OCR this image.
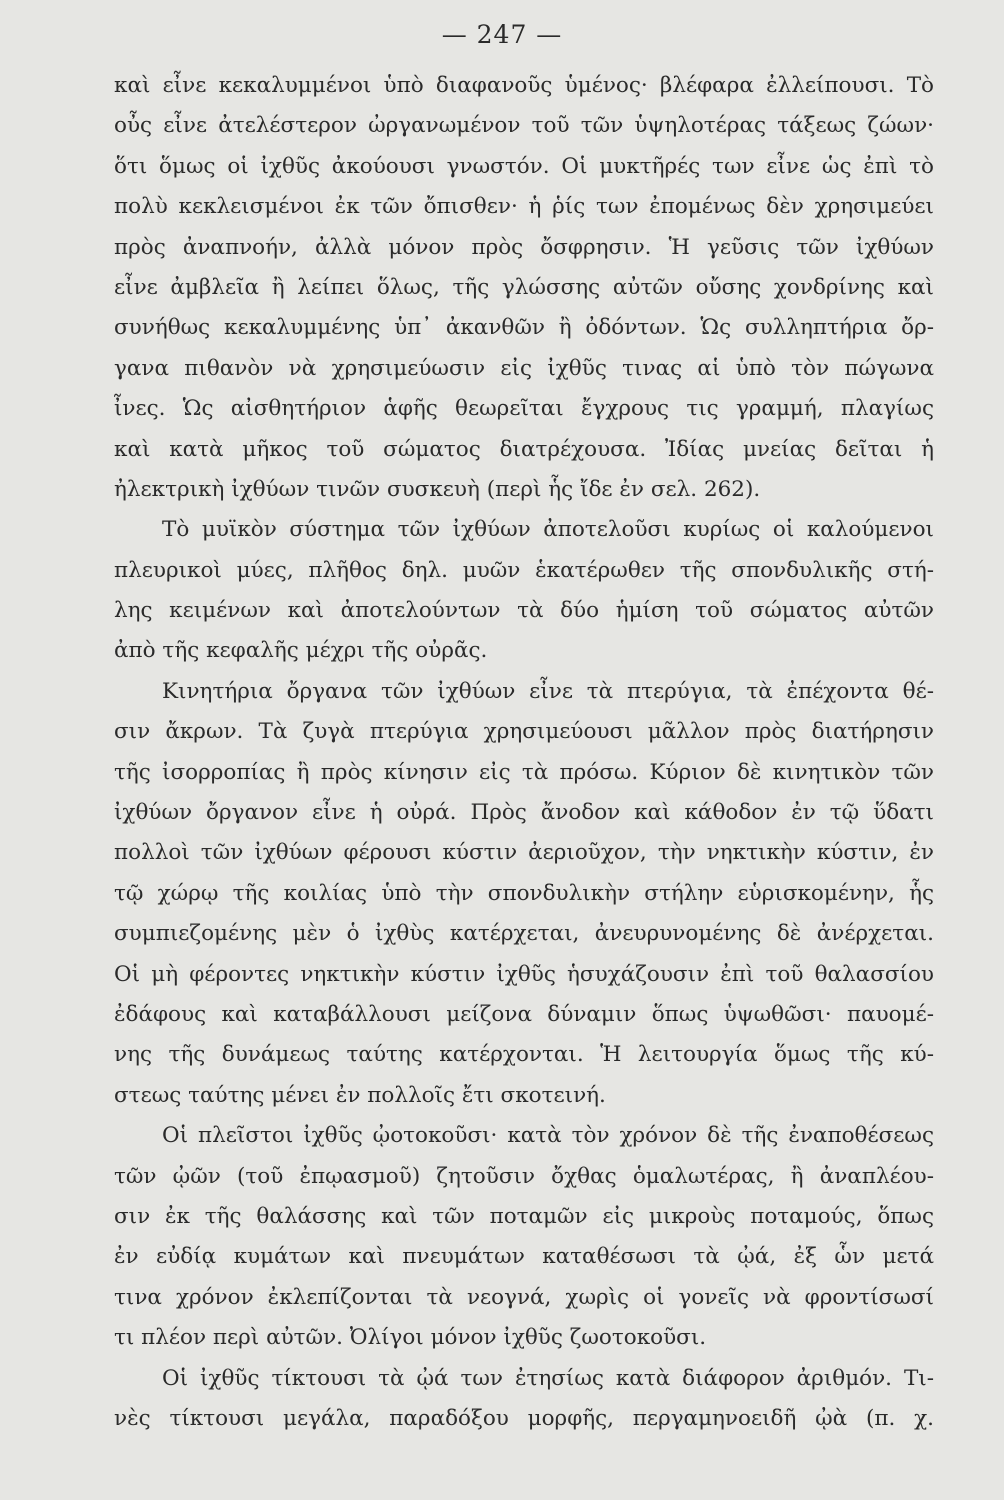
— 247 —
καὶ εἶνε κεκαλυμμένοι ὑπὸ διαφανοῦς ὑμένος· βλέφαρα ἐλλείπουσι. Τὸ
οὖς εἶνε ἀτελέστερον ὠργανωμένον τοῦ τῶν ὑψηλοτέρας τάξεως ζώων·
ὅτι ὅμως οἱ ἰχθῦς ἀκούουσι γνωστόν. Οἱ μυκτῆρές των εἶνε ὡς ἐπὶ τὸ
πολὺ κεκλεισμένοι ἐκ τῶν ὄπισθεν· ἡ ῥίς των ἐπομένως δὲν χρησιμεύει
πρὸς ἀναπνοήν, ἀλλὰ μόνον πρὸς ὄσφρησιν. Ἡ γεῦσις τῶν ἰχθύων
εἶνε ἀμβλεῖα ἢ λείπει ὅλως, τῆς γλώσσης αὐτῶν οὔσης χονδρίνης καὶ
συνήθως κεκαλυμμένης ὑπ᾽ ἀκανθῶν ἢ ὀδόντων. Ὡς συλληπτήρια ὄρ-
γανα πιθανὸν νὰ χρησιμεύωσιν εἰς ἰχθῦς τινας αἱ ὑπὸ τὸν πώγωνα
ἶνες. Ὡς αἰσθητήριον ἁφῆς θεωρεῖται ἔγχρους τις γραμμή, πλαγίως
καὶ κατὰ μῆκος τοῦ σώματος διατρέχουσα. Ἰδίας μνείας δεῖται ἡ
ἠλεκτρικὴ ἰχθύων τινῶν συσκευὴ (περὶ ἧς ἴδε ἐν σελ. 262).
Τὸ μυϊκὸν σύστημα τῶν ἰχθύων ἀποτελοῦσι κυρίως οἱ καλούμενοι
πλευρικοὶ μύες, πλῆθος δηλ. μυῶν ἑκατέρωθεν τῆς σπονδυλικῆς στή-
λης κειμένων καὶ ἀποτελούντων τὰ δύο ἡμίση τοῦ σώματος αὐτῶν
ἀπὸ τῆς κεφαλῆς μέχρι τῆς οὐρᾶς.
Κινητήρια ὄργανα τῶν ἰχθύων εἶνε τὰ πτερύγια, τὰ ἐπέχοντα θέ-
σιν ἄκρων. Τὰ ζυγὰ πτερύγια χρησιμεύουσι μᾶλλον πρὸς διατήρησιν
τῆς ἰσορροπίας ἢ πρὸς κίνησιν εἰς τὰ πρόσω. Κύριον δὲ κινητικὸν τῶν
ἰχθύων ὄργανον εἶνε ἡ οὐρά. Πρὸς ἄνοδον καὶ κάθοδον ἐν τῷ ὕδατι
πολλοὶ τῶν ἰχθύων φέρουσι κύστιν ἀεριοῦχον, τὴν νηκτικὴν κύστιν, ἐν
τῷ χώρῳ τῆς κοιλίας ὑπὸ τὴν σπονδυλικὴν στήλην εὑρισκομένην, ἧς
συμπιεζομένης μὲν ὁ ἰχθὺς κατέρχεται, ἀνευρυνομένης δὲ ἀνέρχεται.
Οἱ μὴ φέροντες νηκτικὴν κύστιν ἰχθῦς ἡσυχάζουσιν ἐπὶ τοῦ θαλασσίου
ἐδάφους καὶ καταβάλλουσι μείζονα δύναμιν ὅπως ὑψωθῶσι· παυομέ-
νης τῆς δυνάμεως ταύτης κατέρχονται. Ἡ λειτουργία ὅμως τῆς κύ-
στεως ταύτης μένει ἐν πολλοῖς ἔτι σκοτεινή.
Οἱ πλεῖστοι ἰχθῦς ᾠοτοκοῦσι· κατὰ τὸν χρόνον δὲ τῆς ἐναποθέσεως
τῶν ᾠῶν (τοῦ ἐπῳασμοῦ) ζητοῦσιν ὄχθας ὁμαλωτέρας, ἢ ἀναπλέου-
σιν ἐκ τῆς θαλάσσης καὶ τῶν ποταμῶν εἰς μικροὺς ποταμούς, ὅπως
ἐν εὐδίᾳ κυμάτων καὶ πνευμάτων καταθέσωσι τὰ ᾠά, ἐξ ὧν μετά
τινα χρόνον ἐκλεπίζονται τὰ νεογνά, χωρὶς οἱ γονεῖς νὰ φροντίσωσί
τι πλέον περὶ αὐτῶν. Ὀλίγοι μόνον ἰχθῦς ζωοτοκοῦσι.
Οἱ ἰχθῦς τίκτουσι τὰ ᾠά των ἐτησίως κατὰ διάφορον ἀριθμόν. Τι-
νὲς τίκτουσι μεγάλα, παραδόξου μορφῆς, περγαμηνοειδῆ ᾠὰ (π. χ.
